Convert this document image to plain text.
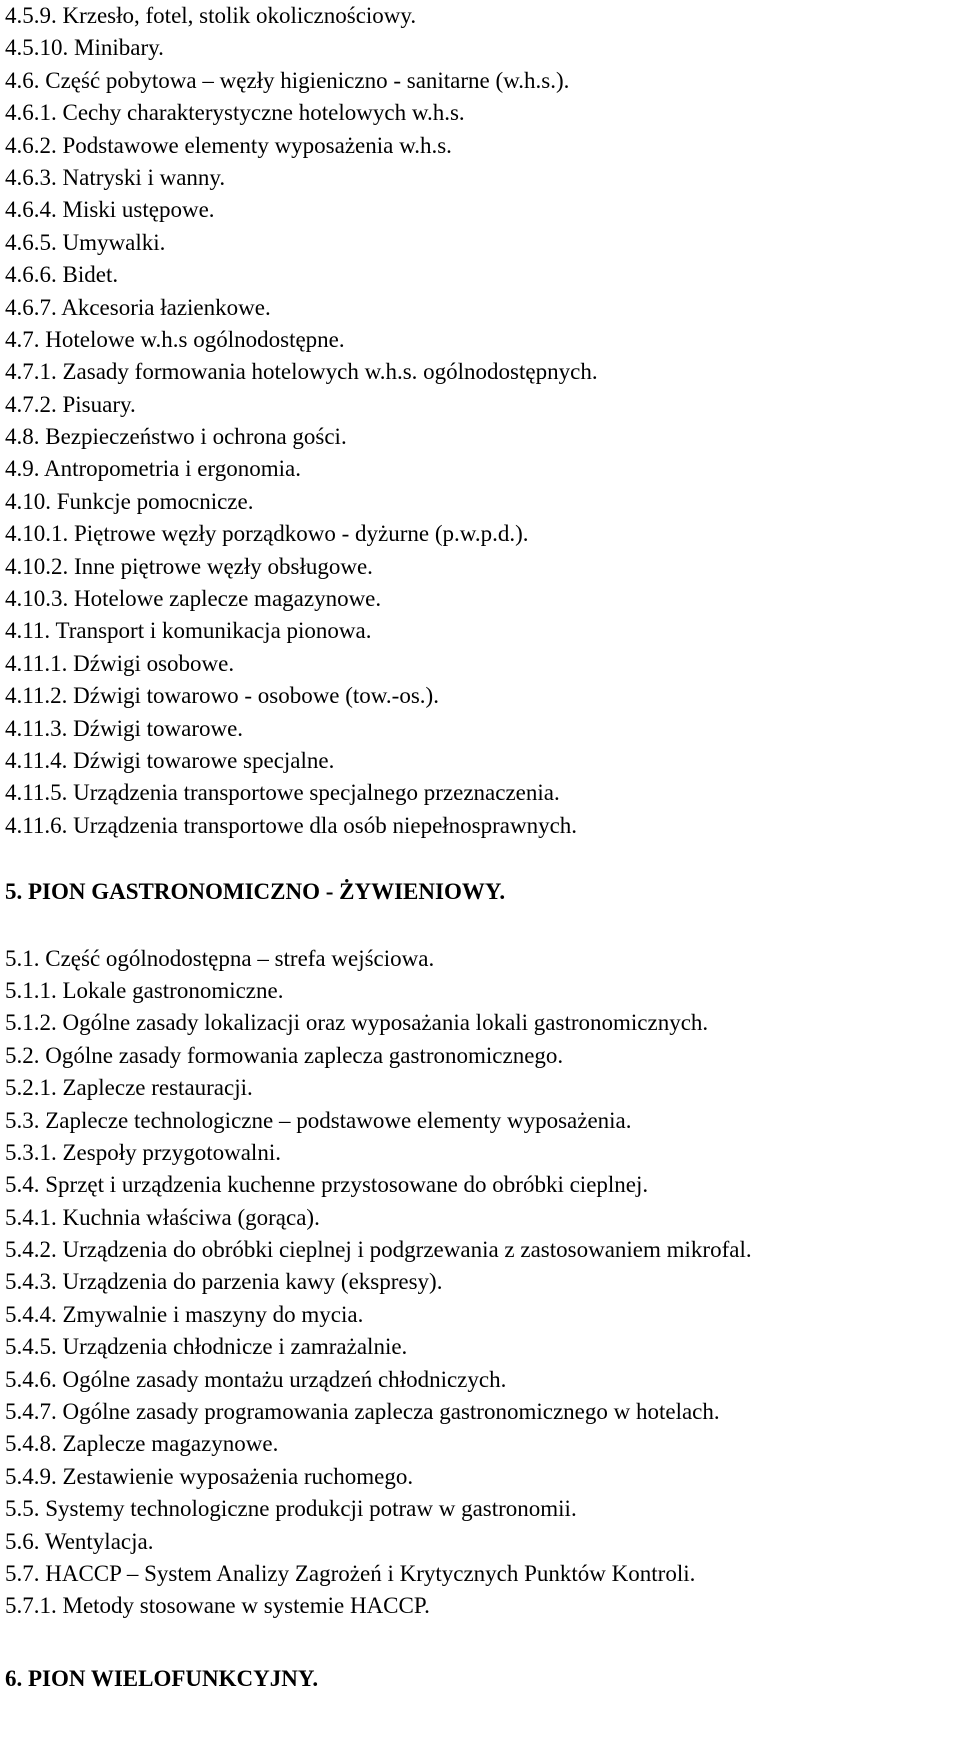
4.5.9. Krzesło, fotel, stolik okolicznościowy.
4.5.10. Minibary.
4.6. Część pobytowa – węzły higieniczno - sanitarne (w.h.s.).
4.6.1. Cechy charakterystyczne hotelowych w.h.s.
4.6.2. Podstawowe elementy wyposażenia w.h.s.
4.6.3. Natryski i wanny.
4.6.4. Miski ustępowe.
4.6.5. Umywalki.
4.6.6. Bidet.
4.6.7. Akcesoria łazienkowe.
4.7. Hotelowe w.h.s ogólnodostępne.
4.7.1. Zasady formowania hotelowych w.h.s. ogólnodostępnych.
4.7.2. Pisuary.
4.8. Bezpieczeństwo i ochrona gości.
4.9. Antropometria i ergonomia.
4.10. Funkcje pomocnicze.
4.10.1. Piętrowe węzły porządkowo - dyżurne (p.w.p.d.).
4.10.2. Inne piętrowe węzły obsługowe.
4.10.3. Hotelowe zaplecze magazynowe.
4.11. Transport i komunikacja pionowa.
4.11.1. Dźwigi osobowe.
4.11.2. Dźwigi towarowo - osobowe (tow.-os.).
4.11.3. Dźwigi towarowe.
4.11.4. Dźwigi towarowe specjalne.
4.11.5. Urządzenia transportowe specjalnego przeznaczenia.
4.11.6. Urządzenia transportowe dla osób niepełnosprawnych.
5. PION GASTRONOMICZNO - ŻYWIENIOWY.
5.1. Część ogólnodostępna – strefa wejściowa.
5.1.1. Lokale gastronomiczne.
5.1.2. Ogólne zasady lokalizacji oraz wyposażania lokali gastronomicznych.
5.2. Ogólne zasady formowania zaplecza gastronomicznego.
5.2.1. Zaplecze restauracji.
5.3. Zaplecze technologiczne – podstawowe elementy wyposażenia.
5.3.1. Zespoły przygotowalni.
5.4. Sprzęt i urządzenia kuchenne przystosowane do obróbki cieplnej.
5.4.1. Kuchnia właściwa (gorąca).
5.4.2. Urządzenia do obróbki cieplnej i podgrzewania z zastosowaniem mikrofal.
5.4.3. Urządzenia do parzenia kawy (ekspresy).
5.4.4. Zmywalnie i maszyny do mycia.
5.4.5. Urządzenia chłodnicze i zamrażalnie.
5.4.6. Ogólne zasady montażu urządzeń chłodniczych.
5.4.7. Ogólne zasady programowania zaplecza gastronomicznego w hotelach.
5.4.8. Zaplecze magazynowe.
5.4.9. Zestawienie wyposażenia ruchomego.
5.5. Systemy technologiczne produkcji potraw w gastronomii.
5.6. Wentylacja.
5.7. HACCP – System Analizy Zagrożeń i Krytycznych Punktów Kontroli.
5.7.1. Metody stosowane w systemie HACCP.
6. PION WIELOFUNKCYJNY.
